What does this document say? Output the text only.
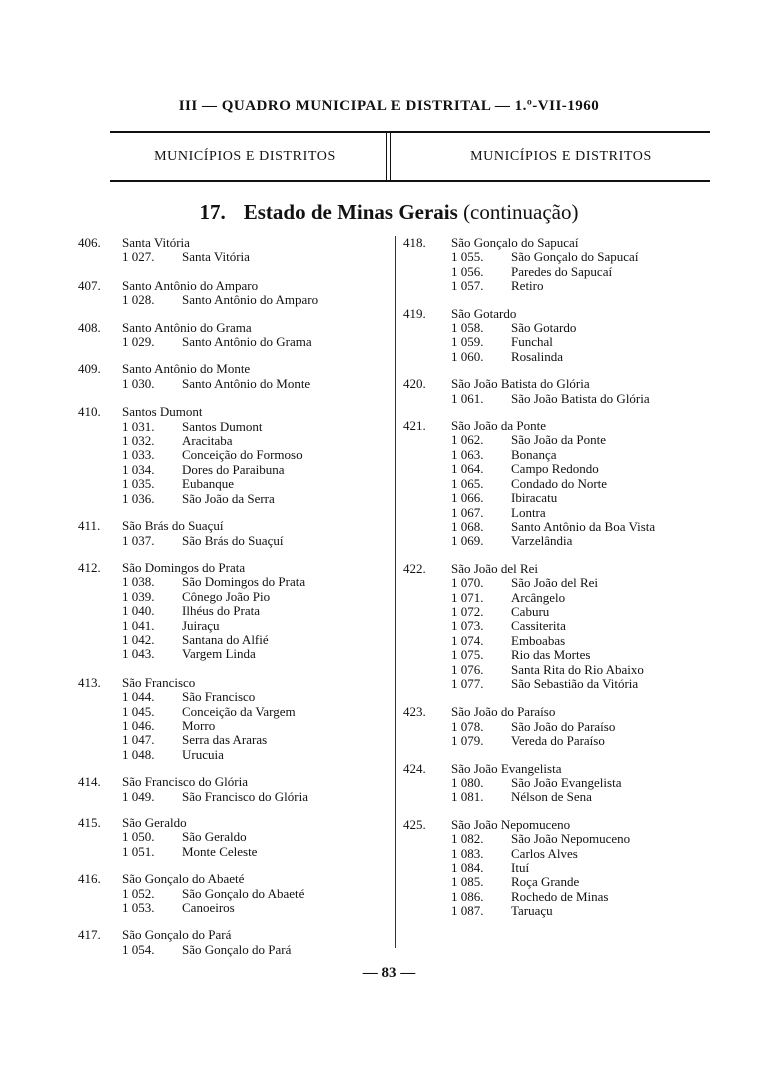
III — QUADRO MUNICIPAL E DISTRITAL — 1.º-VII-1960
MUNICÍPIOS E DISTRITOS	MUNICÍPIOS E DISTRITOS
17. Estado de Minas Gerais (continuação)
406. Santa Vitória
1 027. Santa Vitória
407. Santo Antônio do Amparo
1 028. Santo Antônio do Amparo
408. Santo Antônio do Grama
1 029. Santo Antônio do Grama
409. Santo Antônio do Monte
1 030. Santo Antônio do Monte
410. Santos Dumont
1 031. Santos Dumont
1 032. Aracitaba
1 033. Conceição do Formoso
1 034. Dores do Paraibuna
1 035. Eubanque
1 036. São João da Serra
411. São Brás do Suaçuí
1 037. São Brás do Suaçuí
412. São Domingos do Prata
1 038. São Domingos do Prata
1 039. Cônego João Pio
1 040. Ilhéus do Prata
1 041. Juiraçu
1 042. Santana do Alfié
1 043. Vargem Linda
413. São Francisco
1 044. São Francisco
1 045. Conceição da Vargem
1 046. Morro
1 047. Serra das Araras
1 048. Urucuia
414. São Francisco do Glória
1 049. São Francisco do Glória
415. São Geraldo
1 050. São Geraldo
1 051. Monte Celeste
416. São Gonçalo do Abaeté
1 052. São Gonçalo do Abaeté
1 053. Canoeiros
417. São Gonçalo do Pará
1 054. São Gonçalo do Pará
418. São Gonçalo do Sapucaí
1 055. São Gonçalo do Sapucaí
1 056. Paredes do Sapucaí
1 057. Retiro
419. São Gotardo
1 058. São Gotardo
1 059. Funchal
1 060. Rosalinda
420. São João Batista do Glória
1 061. São João Batista do Glória
421. São João da Ponte
1 062. São João da Ponte
1 063. Bonança
1 064. Campo Redondo
1 065. Condado do Norte
1 066. Ibiracatu
1 067. Lontra
1 068. Santo Antônio da Boa Vista
1 069. Varzelândia
422. São João del Rei
1 070. São João del Rei
1 071. Arcângelo
1 072. Caburu
1 073. Cassiterita
1 074. Emboabas
1 075. Rio das Mortes
1 076. Santa Rita do Rio Abaixo
1 077. São Sebastião da Vitória
423. São João do Paraíso
1 078. São João do Paraíso
1 079. Vereda do Paraíso
424. São João Evangelista
1 080. São João Evangelista
1 081. Nélson de Sena
425. São João Nepomuceno
1 082. São João Nepomuceno
1 083. Carlos Alves
1 084. Ituí
1 085. Roça Grande
1 086. Rochedo de Minas
1 087. Taruaçu
— 83 —
